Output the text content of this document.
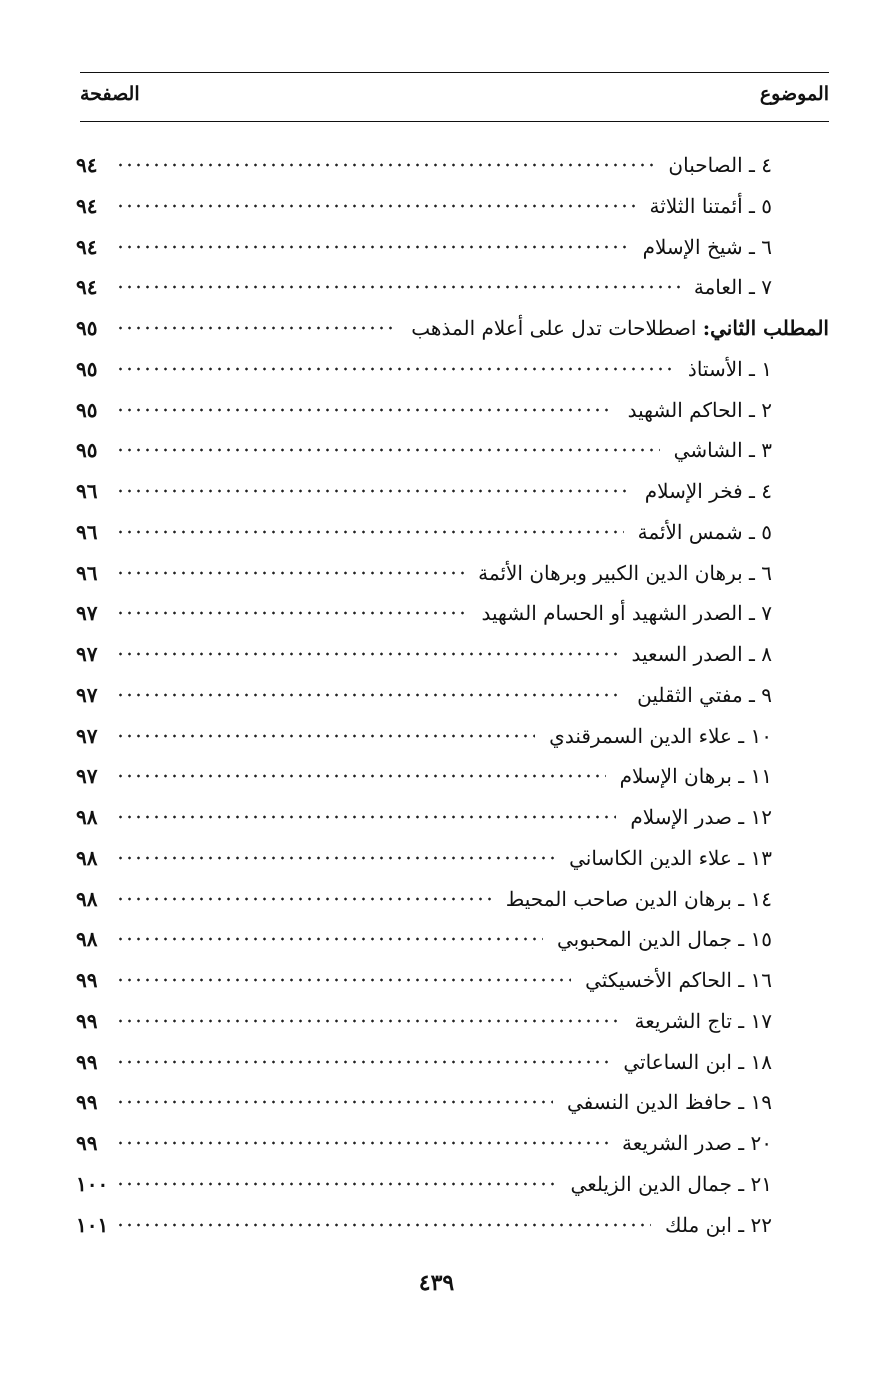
الموضوع
الصفحة
٤ ـ الصاحبان
٩٤
٥ ـ أئمتنا الثلاثة
٩٤
٦ ـ شيخ الإسلام
٩٤
٧ ـ العامة
٩٤
المطلب الثاني: اصطلاحات تدل على أعلام المذهب
٩٥
١ ـ الأستاذ
٩٥
٢ ـ الحاكم الشهيد
٩٥
٣ ـ الشاشي
٩٥
٤ ـ فخر الإسلام
٩٦
٥ ـ شمس الأئمة
٩٦
٦ ـ برهان الدين الكبير وبرهان الأئمة
٩٦
٧ ـ الصدر الشهيد أو الحسام الشهيد
٩٧
٨ ـ الصدر السعيد
٩٧
٩ ـ مفتي الثقلين
٩٧
١٠ ـ علاء الدين السمرقندي
٩٧
١١ ـ برهان الإسلام
٩٧
١٢ ـ صدر الإسلام
٩٨
١٣ ـ علاء الدين الكاساني
٩٨
١٤ ـ برهان الدين صاحب المحيط
٩٨
١٥ ـ جمال الدين المحبوبي
٩٨
١٦ ـ الحاكم الأخسيكثي
٩٩
١٧ ـ تاج الشريعة
٩٩
١٨ ـ ابن الساعاتي
٩٩
١٩ ـ حافظ الدين النسفي
٩٩
٢٠ ـ صدر الشريعة
٩٩
٢١ ـ جمال الدين الزيلعي
١٠٠
٢٢ ـ ابن ملك
١٠١
٤٣٩
